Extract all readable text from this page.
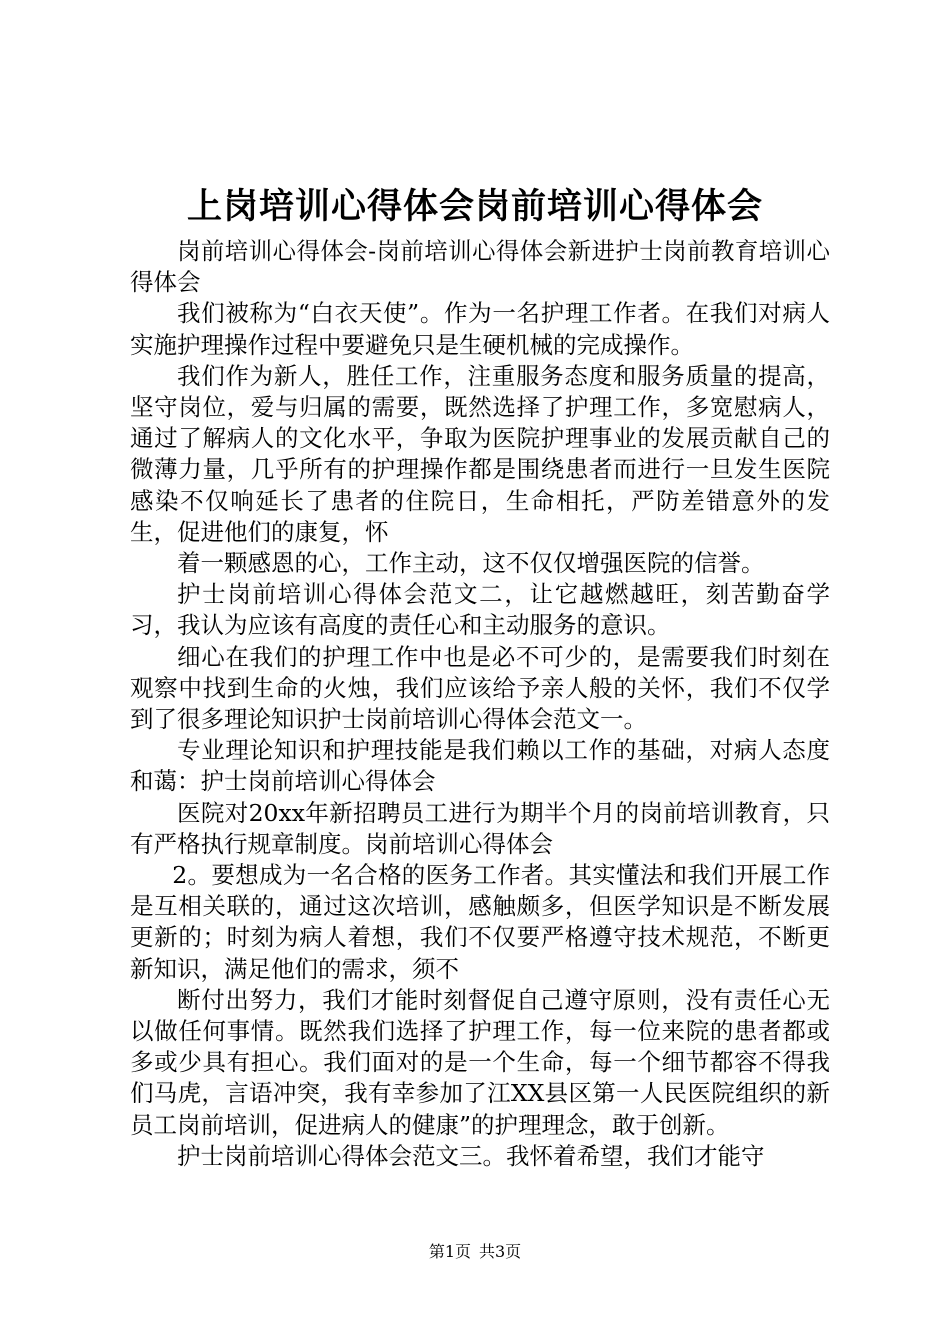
上岗培训心得体会岗前培训心得体会

岗前培训心得体会-岗前培训心得体会新进护士岗前教育培训心得体会

我们被称为“白衣天使”。作为一名护理工作者。在我们对病人实施护理操作过程中要避免只是生硬机械的完成操作。

我们作为新人，胜任工作，注重服务态度和服务质量的提高，坚守岗位，爱与归属的需要，既然选择了护理工作，多宽慰病人，通过了解病人的文化水平，争取为医院护理事业的发展贡献自己的微薄力量，几乎所有的护理操作都是围绕患者而进行一旦发生医院感染不仅响延长了患者的住院日，生命相托，严防差错意外的发生，促进他们的康复，怀

着一颗感恩的心，工作主动，这不仅仅增强医院的信誉。

护士岗前培训心得体会范文二，让它越燃越旺，刻苦勤奋学习，我认为应该有高度的责任心和主动服务的意识。

细心在我们的护理工作中也是必不可少的，是需要我们时刻在观察中找到生命的火烛，我们应该给予亲人般的关怀，我们不仅学到了很多理论知识护士岗前培训心得体会范文一。

专业理论知识和护理技能是我们赖以工作的基础，对病人态度和蔼：护士岗前培训心得体会

医院对20xx年新招聘员工进行为期半个月的岗前培训教育，只有严格执行规章制度。岗前培训心得体会

2。要想成为一名合格的医务工作者。其实懂法和我们开展工作是互相关联的，通过这次培训，感触颇多，但医学知识是不断发展更新的；时刻为病人着想，我们不仅要严格遵守技术规范，不断更新知识，满足他们的需求，须不

断付出努力，我们才能时刻督促自己遵守原则，没有责任心无以做任何事情。既然我们选择了护理工作，每一位来院的患者都或多或少具有担心。我们面对的是一个生命，每一个细节都容不得我们马虎，言语冲突，我有幸参加了江XX县区第一人民医院组织的新员工岗前培训，促进病人的健康”的护理理念，敢于创新。

护士岗前培训心得体会范文三。我怀着希望，我们才能守

第1页 共3页
